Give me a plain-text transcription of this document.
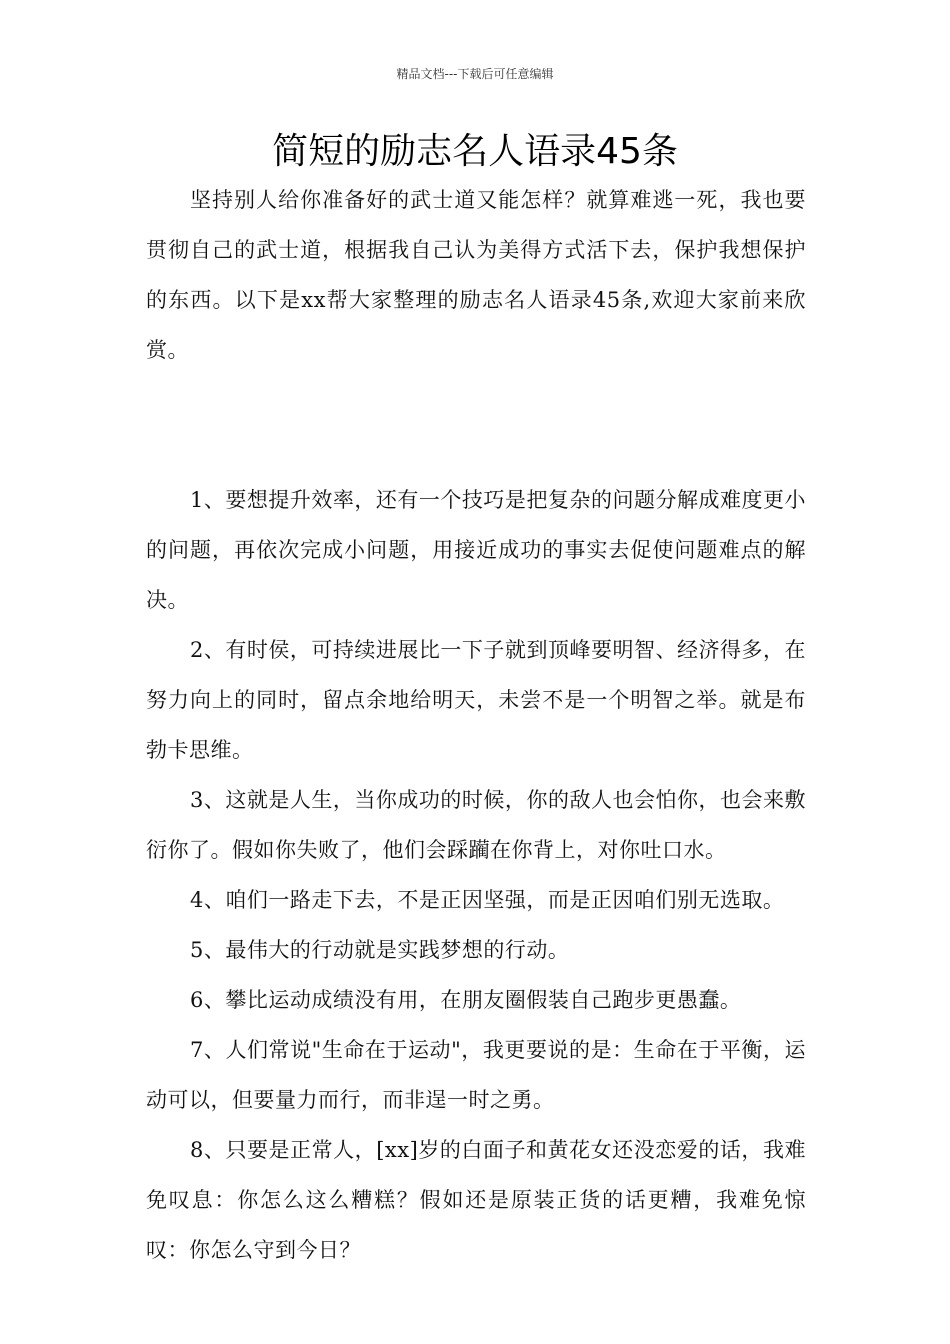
精品文档---下载后可任意编辑
简短的励志名人语录45条

坚持别人给你准备好的武士道又能怎样？就算难逃一死，我也要贯彻自己的武士道，根据我自己认为美得方式活下去，保护我想保护的东西。以下是xx帮大家整理的励志名人语录45条,欢迎大家前来欣赏。

1、要想提升效率，还有一个技巧是把复杂的问题分解成难度更小的问题，再依次完成小问题，用接近成功的事实去促使问题难点的解决。

2、有时侯，可持续进展比一下子就到顶峰要明智、经济得多，在努力向上的同时，留点余地给明天，未尝不是一个明智之举。就是布勃卡思维。

3、这就是人生，当你成功的时候，你的敌人也会怕你，也会来敷衍你了。假如你失败了，他们会踩躏在你背上，对你吐口水。

4、咱们一路走下去，不是正因坚强，而是正因咱们别无选取。

5、最伟大的行动就是实践梦想的行动。

6、攀比运动成绩没有用，在朋友圈假装自己跑步更愚蠢。

7、人们常说"生命在于运动"，我更要说的是：生命在于平衡，运动可以，但要量力而行，而非逞一时之勇。

8、只要是正常人，[xx]岁的白面子和黄花女还没恋爱的话，我难免叹息：你怎么这么糟糕？假如还是原装正货的话更糟，我难免惊叹：你怎么守到今日？
